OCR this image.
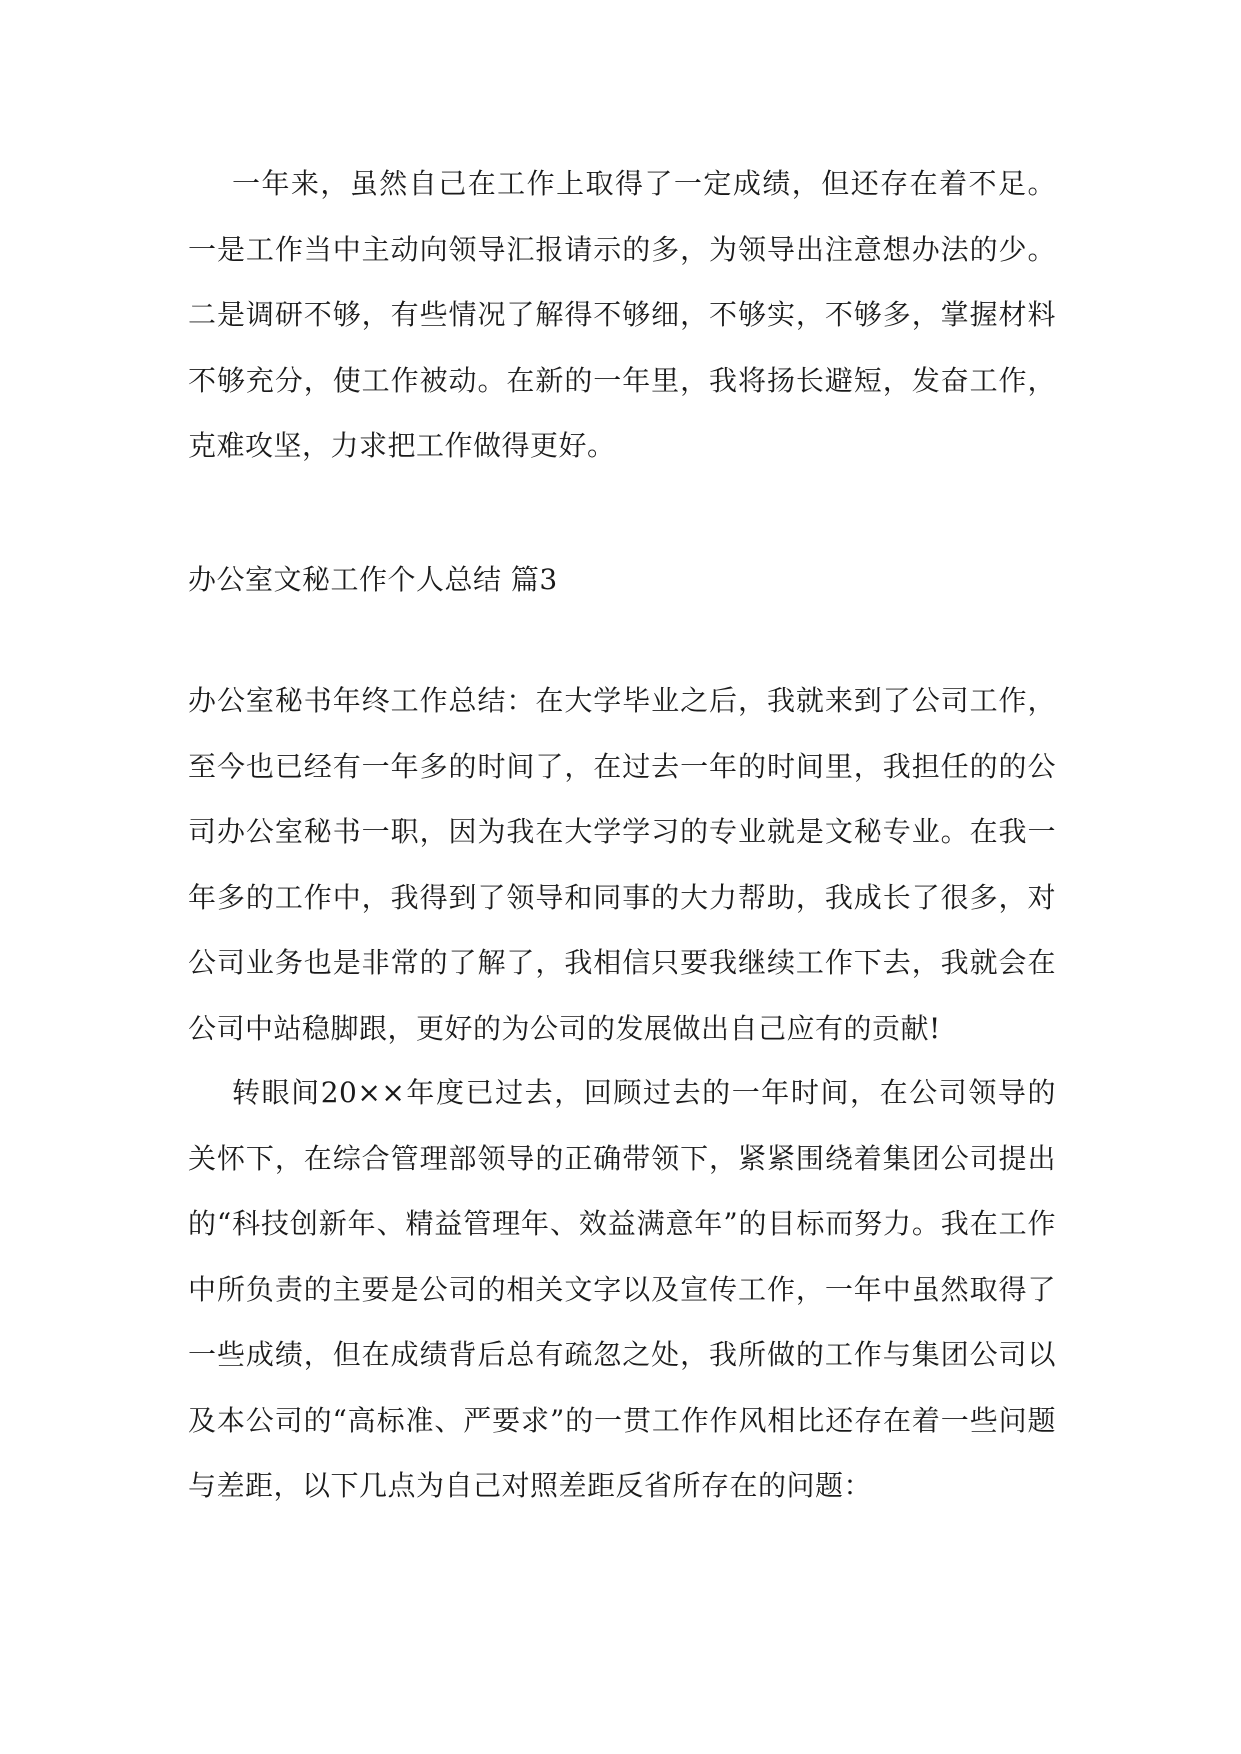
一年来，虽然自己在工作上取得了一定成绩，但还存在着不足。一是工作当中主动向领导汇报请示的多，为领导出注意想办法的少。二是调研不够，有些情况了解得不够细，不够实，不够多，掌握材料不够充分，使工作被动。在新的一年里，我将扬长避短，发奋工作，克难攻坚，力求把工作做得更好。

办公室文秘工作个人总结 篇3

办公室秘书年终工作总结：在大学毕业之后，我就来到了公司工作，至今也已经有一年多的时间了，在过去一年的时间里，我担任的的公司办公室秘书一职，因为我在大学学习的专业就是文秘专业。在我一年多的工作中，我得到了领导和同事的大力帮助，我成长了很多，对公司业务也是非常的了解了，我相信只要我继续工作下去，我就会在公司中站稳脚跟，更好的为公司的发展做出自己应有的贡献!

转眼间20××年度已过去，回顾过去的一年时间，在公司领导的关怀下，在综合管理部领导的正确带领下，紧紧围绕着集团公司提出的“科技创新年、精益管理年、效益满意年”的目标而努力。我在工作中所负责的主要是公司的相关文字以及宣传工作，一年中虽然取得了一些成绩，但在成绩背后总有疏忽之处，我所做的工作与集团公司以及本公司的“高标准、严要求”的一贯工作作风相比还存在着一些问题与差距，以下几点为自己对照差距反省所存在的问题：
